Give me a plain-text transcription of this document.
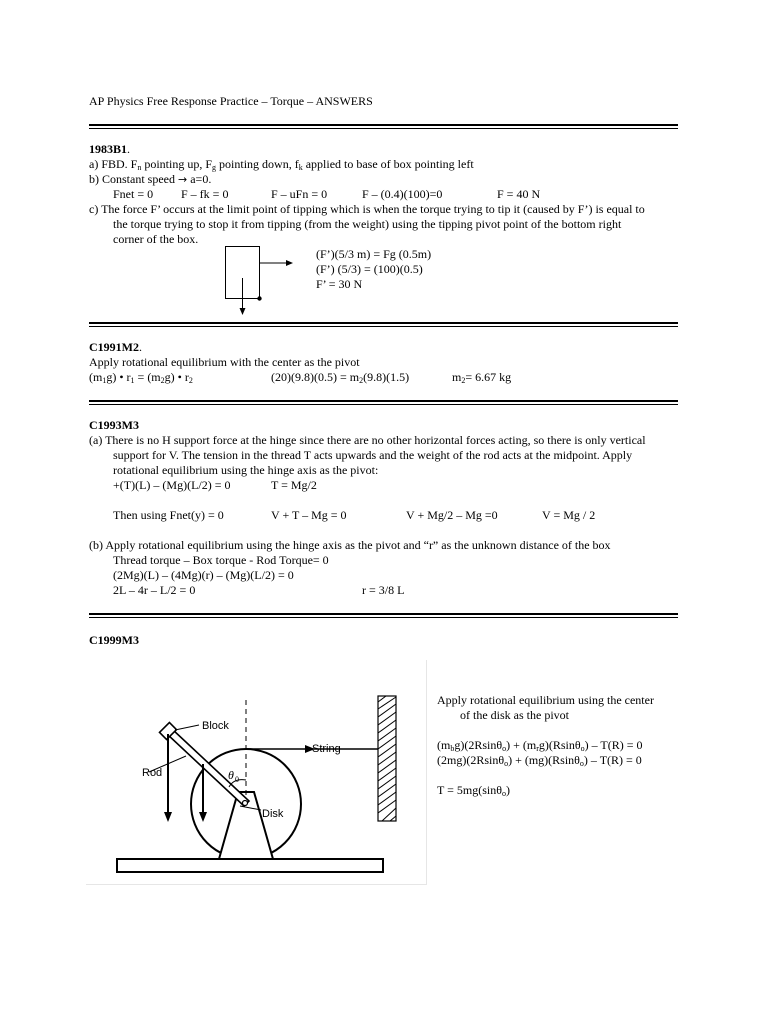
AP Physics Free Response Practice – Torque – ANSWERS
1983B1.
a) FBD. $F_n$ pointing up, $F_g$ pointing down, $f_k$ applied to base of box pointing left
b) Constant speed → a=0.
Fnet = 0 F – fk = 0	F – uFn = 0	F – (0.4)(100)=0	F = 40 N
c) The force F’ occurs at the limit point of tipping which is when the torque trying to tip it (caused by F’) is equal to
the torque trying to stop it from tipping (from the weight) using the tipping pivot point of the bottom right
corner of the box.
(F’)(5/3 m) = Fg (0.5m)
(F’) (5/3) = (100)(0.5)
F’ = 30 N
C1991M2.
Apply rotational equilibrium with the center as the pivot
$(m_1g)$ • $r_1 = (m_2g)$ • $r_2$	$(20)(9.8)(0.5) = m_2(9.8)(1.5)$	$m_2= 6.67$ kg
C1993M3
(a) There is no H support force at the hinge since there are no other horizontal forces acting, so there is only vertical
support for V. The tension in the thread T acts upwards and the weight of the rod acts at the midpoint. Apply
rotational equilibrium using the hinge axis as the pivot:
+(T)(L) – (Mg)(L/2) = 0	T = Mg/2
Then using Fnet(y) = 0	V + T – Mg = 0	V + Mg/2 – Mg =0	V = Mg / 2
(b) Apply rotational equilibrium using the hinge axis as the pivot and “r” as the unknown distance of the box
Thread torque – Box torque - Rod Torque= 0
(2Mg)(L) – (4Mg)(r) – (Mg)(L/2) = 0
2L – 4r – L/2 = 0	r = 3/8 L
C1999M3
Block
Rod
String
Disk
θ 0
Apply rotational equilibrium using the center
of the disk as the pivot
$(m_bg)(2Rsin\theta_o) + (m_rg)(Rsin\theta_o) - T(R) = 0$
(2mg)(2Rsinθ$_o$) + (mg)(Rsinθ$_o$) – T(R) = 0
T = 5mg(sinθ$_o$)
